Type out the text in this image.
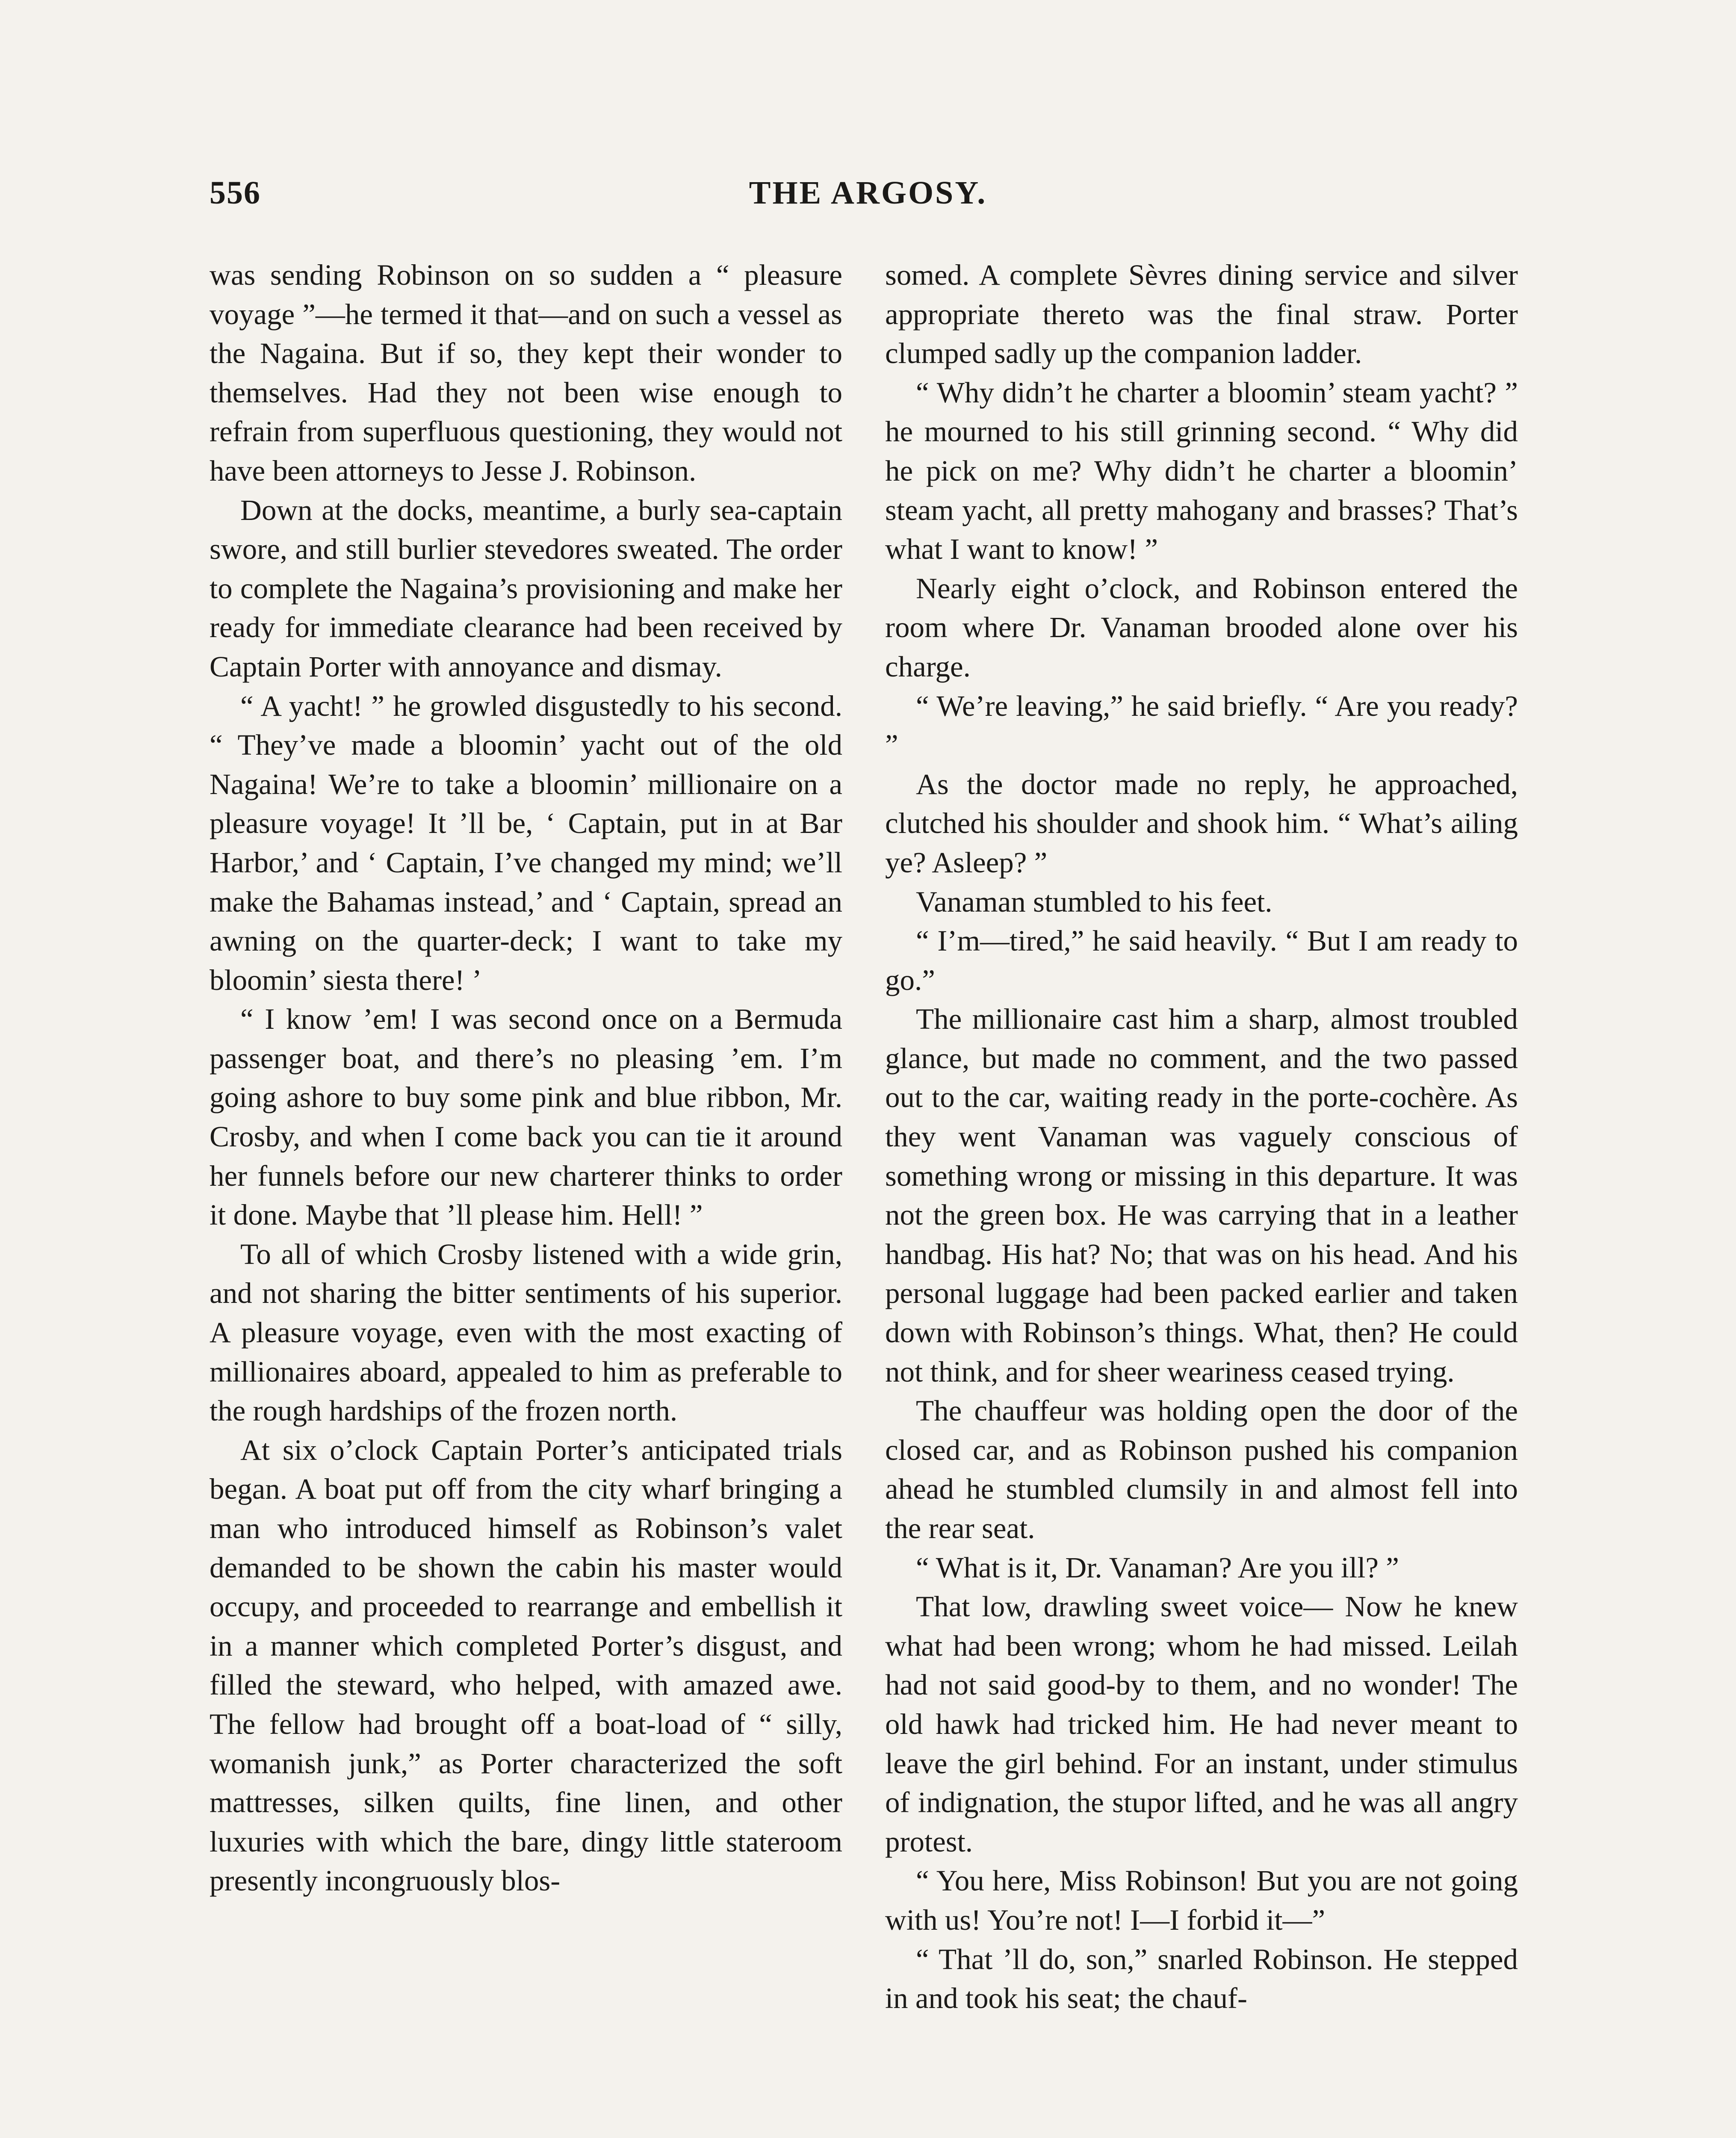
556	THE ARGOSY.

was sending Robinson on so sudden a “ pleasure voyage ”—he termed it that—and on such a vessel as the Nagaina. But if so, they kept their wonder to themselves. Had they not been wise enough to refrain from superfluous questioning, they would not have been attorneys to Jesse J. Robinson.

Down at the docks, meantime, a burly sea-captain swore, and still burlier stevedores sweated. The order to complete the Nagaina’s provisioning and make her ready for immediate clearance had been received by Captain Porter with annoyance and dismay.

“ A yacht! ” he growled disgustedly to his second. “ They’ve made a bloomin’ yacht out of the old Nagaina! We’re to take a bloomin’ millionaire on a pleasure voyage! It ’ll be, ‘ Captain, put in at Bar Harbor,’ and ‘ Captain, I’ve changed my mind; we’ll make the Bahamas instead,’ and ‘ Captain, spread an awning on the quarter-deck; I want to take my bloomin’ siesta there! ’

“ I know ’em! I was second once on a Bermuda passenger boat, and there’s no pleasing ’em. I’m going ashore to buy some pink and blue ribbon, Mr. Crosby, and when I come back you can tie it around her funnels before our new charterer thinks to order it done. Maybe that ’ll please him. Hell! ”

To all of which Crosby listened with a wide grin, and not sharing the bitter sentiments of his superior. A pleasure voyage, even with the most exacting of millionaires aboard, appealed to him as preferable to the rough hardships of the frozen north.

At six o’clock Captain Porter’s anticipated trials began. A boat put off from the city wharf bringing a man who introduced himself as Robinson’s valet demanded to be shown the cabin his master would occupy, and proceeded to rearrange and embellish it in a manner which completed Porter’s disgust, and filled the steward, who helped, with amazed awe. The fellow had brought off a boat-load of “ silly, womanish junk,” as Porter characterized the soft mattresses, silken quilts, fine linen, and other luxuries with which the bare, dingy little stateroom presently incongruously blos-

somed. A complete Sèvres dining service and silver appropriate thereto was the final straw. Porter clumped sadly up the companion ladder.

“ Why didn’t he charter a bloomin’ steam yacht? ” he mourned to his still grinning second. “ Why did he pick on me? Why didn’t he charter a bloomin’ steam yacht, all pretty mahogany and brasses? That’s what I want to know! ”

Nearly eight o’clock, and Robinson entered the room where Dr. Vanaman brooded alone over his charge.

“ We’re leaving,” he said briefly. “ Are you ready? ”

As the doctor made no reply, he approached, clutched his shoulder and shook him. “ What’s ailing ye? Asleep? ”

Vanaman stumbled to his feet.

“ I’m—tired,” he said heavily. “ But I am ready to go.”

The millionaire cast him a sharp, almost troubled glance, but made no comment, and the two passed out to the car, waiting ready in the porte-cochère. As they went Vanaman was vaguely conscious of something wrong or missing in this departure. It was not the green box. He was carrying that in a leather handbag. His hat? No; that was on his head. And his personal luggage had been packed earlier and taken down with Robinson’s things. What, then? He could not think, and for sheer weariness ceased trying.

The chauffeur was holding open the door of the closed car, and as Robinson pushed his companion ahead he stumbled clumsily in and almost fell into the rear seat.

“ What is it, Dr. Vanaman? Are you ill? ”

That low, drawling sweet voice— Now he knew what had been wrong; whom he had missed. Leilah had not said good-by to them, and no wonder! The old hawk had tricked him. He had never meant to leave the girl behind. For an instant, under stimulus of indignation, the stupor lifted, and he was all angry protest.

“ You here, Miss Robinson! But you are not going with us! You’re not! I—I forbid it—”

“ That ’ll do, son,” snarled Robinson. He stepped in and took his seat; the chauf-
